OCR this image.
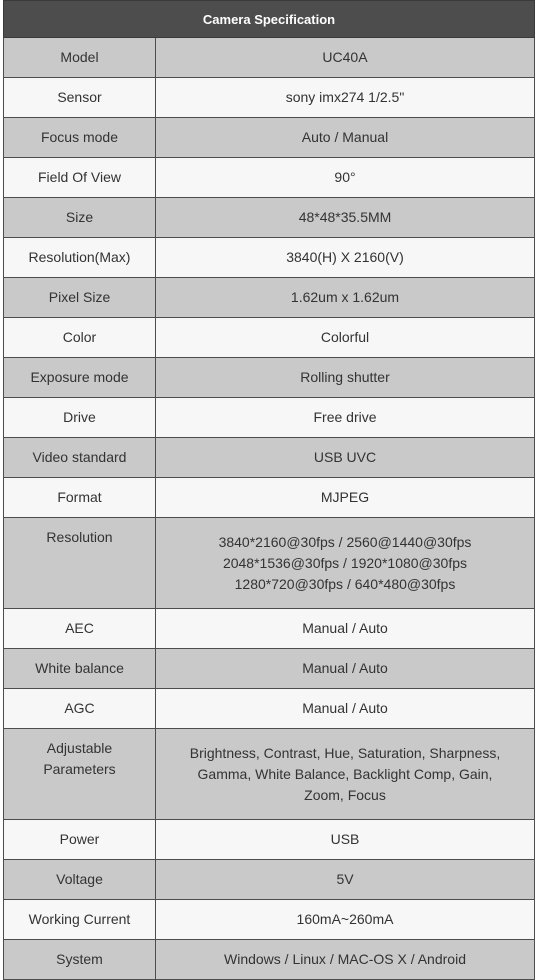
Camera Specification	
Model	UC40A
Sensor	sony imx274 1/2.5"
Focus mode	Auto / Manual
Field Of View	90°
Size	48*48*35.5MM
Resolution(Max)	3840(H) X 2160(V)
Pixel Size	1.62um x 1.62um
Color	Colorful
Exposure mode	Rolling shutter
Drive	Free drive
Video standard	USB UVC
Format	MJPEG
Resolution	3840*2160@30fps / 2560@1440@30fps
2048*1536@30fps / 1920*1080@30fps
1280*720@30fps / 640*480@30fps
AEC	Manual / Auto
White balance	Manual / Auto
AGC	Manual / Auto
Adjustable
Parameters	Brightness, Contrast, Hue, Saturation, Sharpness,
Gamma, White Balance, Backlight Comp, Gain,
Zoom, Focus
Power	USB
Voltage	5V
Working Current	160mA~260mA
System	Windows / Linux / MAC-OS X / Android
